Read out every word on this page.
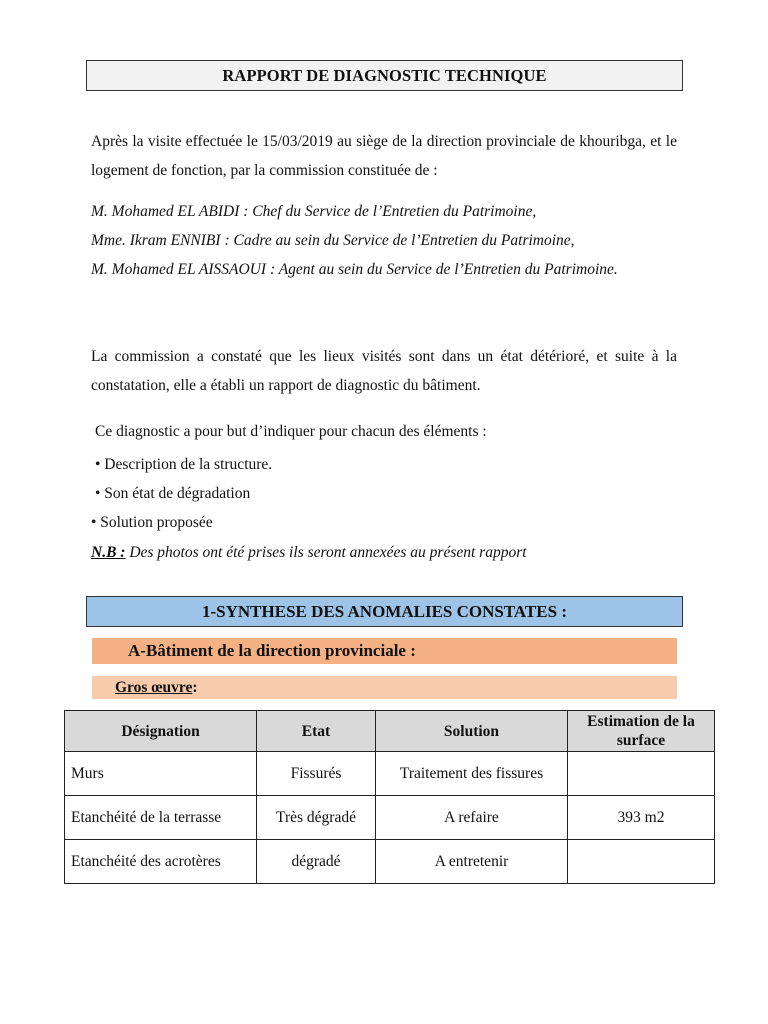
RAPPORT DE DIAGNOSTIC TECHNIQUE
Après la visite effectuée le 15/03/2019 au siège de la direction provinciale de khouribga, et le logement de fonction, par la commission constituée de :
M. Mohamed EL ABIDI : Chef du Service de l’Entretien du Patrimoine,
Mme. Ikram ENNIBI : Cadre au sein du Service de l’Entretien du Patrimoine,
M. Mohamed EL AISSAOUI : Agent au sein du Service de l’Entretien du Patrimoine.
La commission a constaté que les lieux visités sont dans un état détérioré, et suite à la constatation, elle a établi un rapport de diagnostic du bâtiment.
Ce diagnostic a pour but d’indiquer pour chacun des éléments :
• Description de la structure.
• Son état de dégradation
• Solution proposée
N.B : Des photos ont été prises ils seront annexées au présent rapport
1-SYNTHESE DES ANOMALIES CONSTATES :
A-Bâtiment de la direction provinciale :
Gros œuvre :
Désignation	Etat	Solution	Estimation de la surface
Murs	Fissurés	Traitement des fissures	
Etanchéité de la terrasse	Très dégradé	A refaire	393 m2
Etanchéité des acrotères	dégradé	A entretenir	
